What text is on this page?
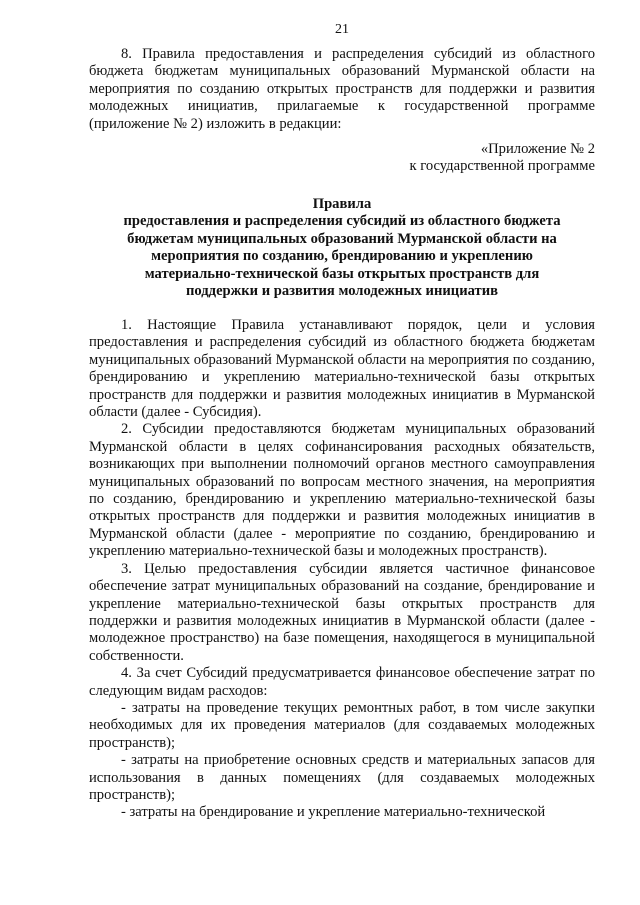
21

8. Правила предоставления и распределения субсидий из областного бюджета бюджетам муниципальных образований Мурманской области на мероприятия по созданию открытых пространств для поддержки и развития молодежных инициатив, прилагаемые к государственной программе (приложение № 2) изложить в редакции:

«Приложение № 2

к государственной программе

Правила

предоставления и распределения субсидий из областного бюджета бюджетам муниципальных образований Мурманской области на мероприятия по созданию, брендированию и укреплению материально-технической базы открытых пространств для поддержки и развития молодежных инициатив

1. Настоящие Правила устанавливают порядок, цели и условия предоставления и распределения субсидий из областного бюджета бюджетам муниципальных образований Мурманской области на мероприятия по созданию, брендированию и укреплению материально-технической базы открытых пространств для поддержки и развития молодежных инициатив в Мурманской области (далее - Субсидия).

2. Субсидии предоставляются бюджетам муниципальных образований Мурманской области в целях софинансирования расходных обязательств, возникающих при выполнении полномочий органов местного самоуправления муниципальных образований по вопросам местного значения, на мероприятия по созданию, брендированию и укреплению материально-технической базы открытых пространств для поддержки и развития молодежных инициатив в Мурманской области (далее - мероприятие по созданию, брендированию и укреплению материально-технической базы и молодежных пространств).

3. Целью предоставления субсидии является частичное финансовое обеспечение затрат муниципальных образований на создание, брендирование и укрепление материально-технической базы открытых пространств для поддержки и развития молодежных инициатив в Мурманской области (далее - молодежное пространство) на базе помещения, находящегося в муниципальной собственности.

4. За счет Субсидий предусматривается финансовое обеспечение затрат по следующим видам расходов:

- затраты на проведение текущих ремонтных работ, в том числе закупки необходимых для их проведения материалов (для создаваемых молодежных пространств);

- затраты на приобретение основных средств и материальных запасов для использования в данных помещениях (для создаваемых молодежных пространств);

- затраты на брендирование и укрепление материально-технической
